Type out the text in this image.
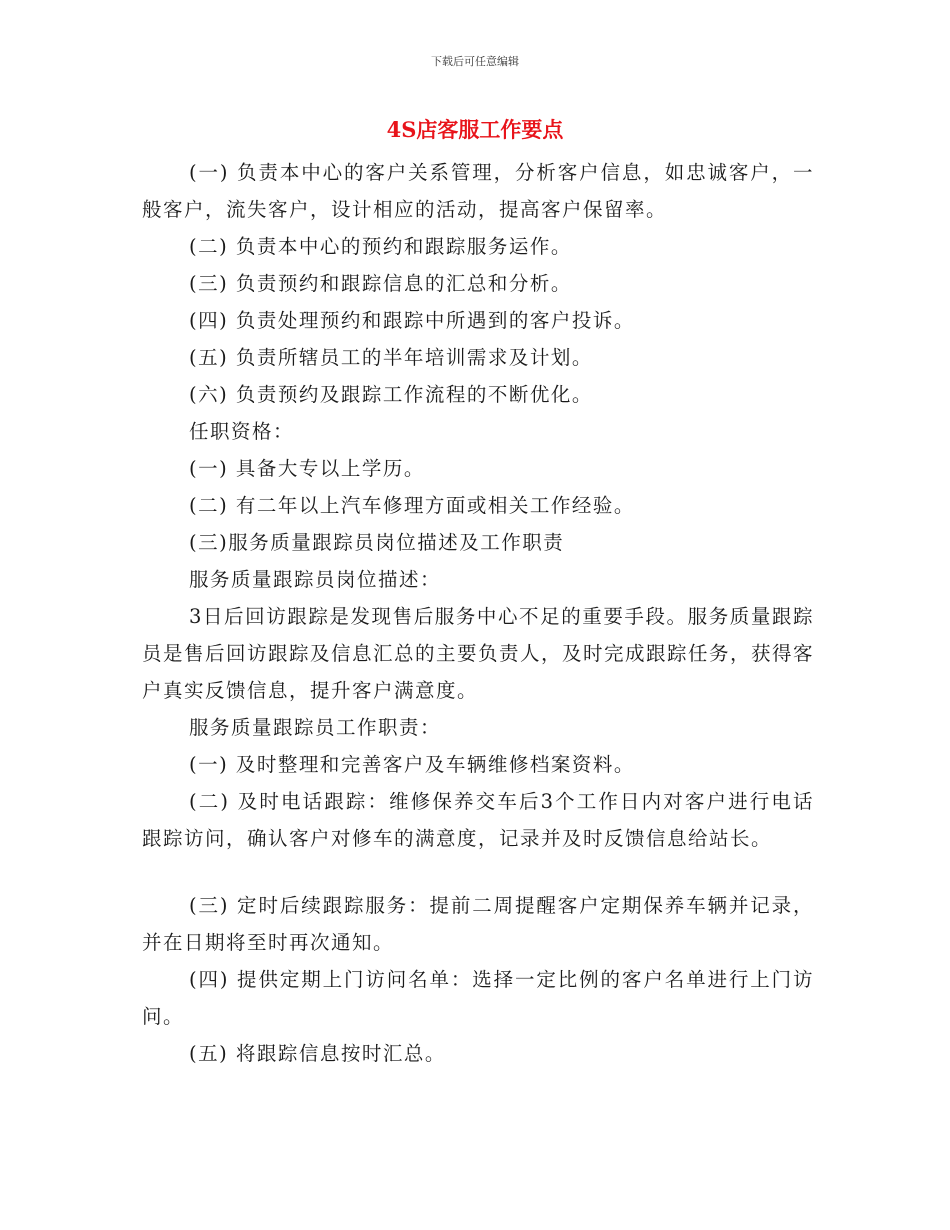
下载后可任意编辑
4S店客服工作要点

(一) 负责本中心的客户关系管理，分析客户信息，如忠诚客户，一般客户，流失客户，设计相应的活动，提高客户保留率。

(二) 负责本中心的预约和跟踪服务运作。

(三) 负责预约和跟踪信息的汇总和分析。

(四) 负责处理预约和跟踪中所遇到的客户投诉。

(五) 负责所辖员工的半年培训需求及计划。

(六) 负责预约及跟踪工作流程的不断优化。

任职资格：

(一) 具备大专以上学历。

(二) 有二年以上汽车修理方面或相关工作经验。

(三)服务质量跟踪员岗位描述及工作职责

服务质量跟踪员岗位描述：

3日后回访跟踪是发现售后服务中心不足的重要手段。服务质量跟踪员是售后回访跟踪及信息汇总的主要负责人，及时完成跟踪任务，获得客户真实反馈信息，提升客户满意度。

服务质量跟踪员工作职责：

(一) 及时整理和完善客户及车辆维修档案资料。

(二) 及时电话跟踪：维修保养交车后3个工作日内对客户进行电话跟踪访问，确认客户对修车的满意度，记录并及时反馈信息给站长。

(三) 定时后续跟踪服务：提前二周提醒客户定期保养车辆并记录，并在日期将至时再次通知。

(四) 提供定期上门访问名单：选择一定比例的客户名单进行上门访问。

(五) 将跟踪信息按时汇总。
